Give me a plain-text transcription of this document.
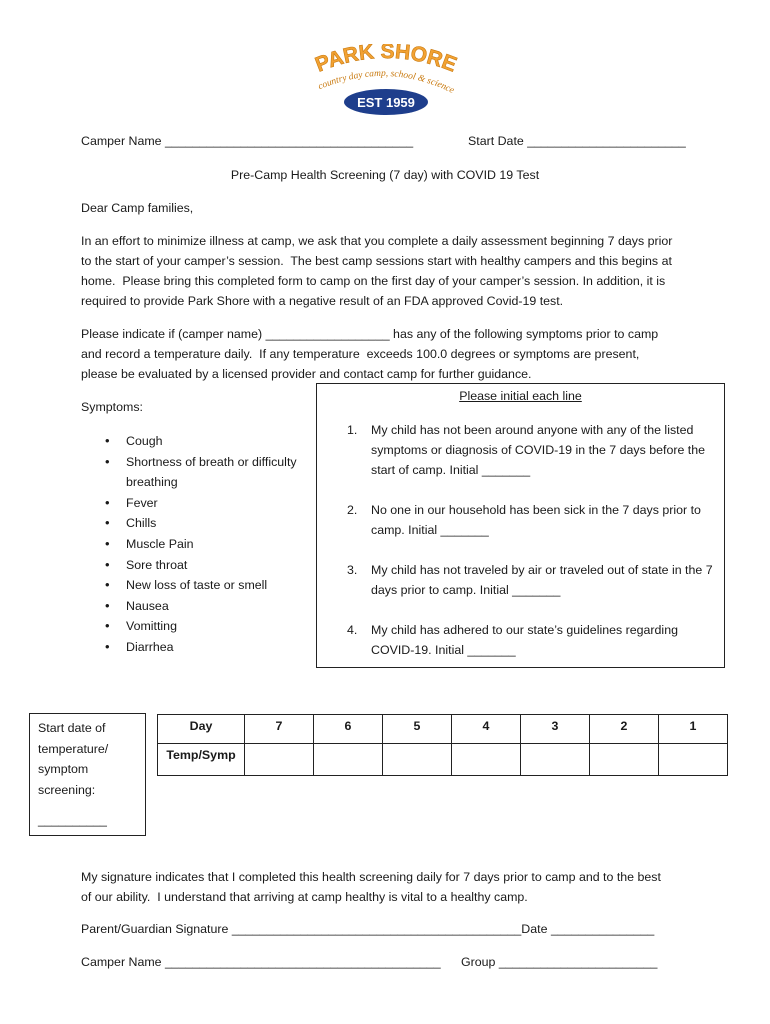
PARK SHORE
country day camp, school & science
EST 1959
Camper Name ____________________________________	Start Date _______________________
Pre-Camp Health Screening (7 day) with COVID 19 Test
Dear Camp families,
In an effort to minimize illness at camp, we ask that you complete a daily assessment beginning 7 days prior
to the start of your camper’s session.  The best camp sessions start with healthy campers and this begins at
home.  Please bring this completed form to camp on the first day of your camper’s session. In addition, it is
required to provide Park Shore with a negative result of an FDA approved Covid-19 test.
Please indicate if (camper name) __________________ has any of the following symptoms prior to camp
and record a temperature daily.  If any temperature  exceeds 100.0 degrees or symptoms are present,
please be evaluated by a licensed provider and contact camp for further guidance.
Symptoms:
• Cough
• Shortness of breath or difficulty breathing
• Fever
• Chills
• Muscle Pain
• Sore throat
• New loss of taste or smell
• Nausea
• Vomitting
• Diarrhea
Please initial each line
1. My child has not been around anyone with any of the listed symptoms or diagnosis of COVID-19 in the 7 days before the start of camp. Initial _______
2. No one in our household has been sick in the 7 days prior to camp. Initial _______
3. My child has not traveled by air or traveled out of state in the 7 days prior to camp. Initial _______
4. My child has adhered to our state’s guidelines regarding COVID-19. Initial _______
Start date of
temperature/
symptom
screening:
__________
Day	7	6	5	4	3	2	1
Temp/Symp							
My signature indicates that I completed this health screening daily for 7 days prior to camp and to the best
of our ability.  I understand that arriving at camp healthy is vital to a healthy camp.
Parent/Guardian Signature __________________________________________Date _______________
Camper Name ________________________________________ Group _______________________
